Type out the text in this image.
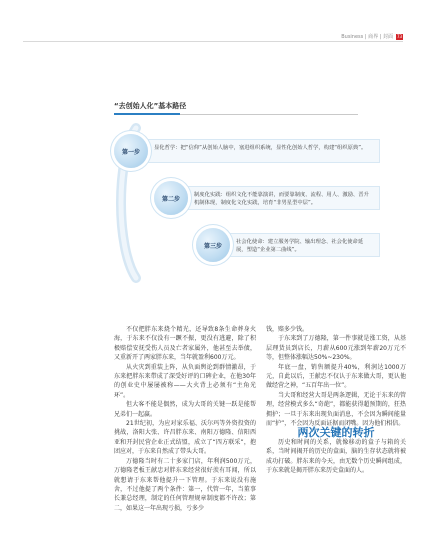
Business | 商界 | 封面 73
“去创始人化”基本路径
显化哲学：把“信仰”从创始人脑中，塞进组织系统，显性化创始人哲学，构建“组织原典”。
第一步
制度化实践：组织文化不能靠演讲，而要靠制度、流程、用人、激励、晋升机制体现，制度化文化实践，培育“非男星型中层”。
第二步
社会化使命：建立服务学院、输出理念、社会化使命延展，塑造“企业第二曲线”。
第三步

不仅把胖东来烧个精光，还导致8条生命葬身火海，于东来不仅没有一蹶不振，更没有逃避，除了积极赔偿安抚受伤人员及亡者家属外，他甚至去举债，又重新开了两家胖东来，当年就盈利600万元。

从火灾到重装上阵，从负面舆论到群情激昂，于东来把胖东来带成了深受好评的口碑企业，在他30年的创业史中屡屡被称——大火背上必须有“主角光环”。

但大客不能是偶然，成为大哥的关键一跃是能帮兄弟们一起赢。

21世纪初，为应对家乐福、沃尔玛等外资投资的挑战，洛阳大张、许昌胖东来、南阳万德隆、信阳西亚和开封民营企业正式结盟，成立了“四方联采”，抱团应对，于东来自然成了带头大哥。

万德隆当时有二十多家门店，年利润500万元，万德隆老板王献忠对胖东来经营很好羡有耳闻，所以就想请于东来帮他提升一下管理。于东来说没有施舍，不过他提了两个条件：第一，代管一年，当董事长兼总经理，制定的任何管理规章制度都不许改；第二，如果这一年出现亏损，亏多少

钱，赔多少钱。

于东来到了万德隆，第一件事就是涨工资，从基层理货员到店长，月薪从600元涨到年薪20万元不等，但整体涨幅达50%~230%。

年底一盘，销售额提升40%，利润达1000万元，自此以后，王献忠不仅认于东来做大哥，更认他做经营之神，“五百年出一位”。

当大哥和经营大哥是两条逻辑，无论于东来的管理，经营模式多么“奇葩”，都能获得超预期的，狂热拥护；一旦于东来出现负面消息，不会因为瞬间能量而“护”，不会因为反面证据而闭嘴。因为他们相信。

两次关键的转折

历史和时间的关系，就像移动的盒子与箱的关系，当时间揭开的历史的盒面，脑的生存状态就将被成功打破。胖东来的今天，由无数个历史瞬间组成，于东来就是揭开胖东来历史盒面的人。
